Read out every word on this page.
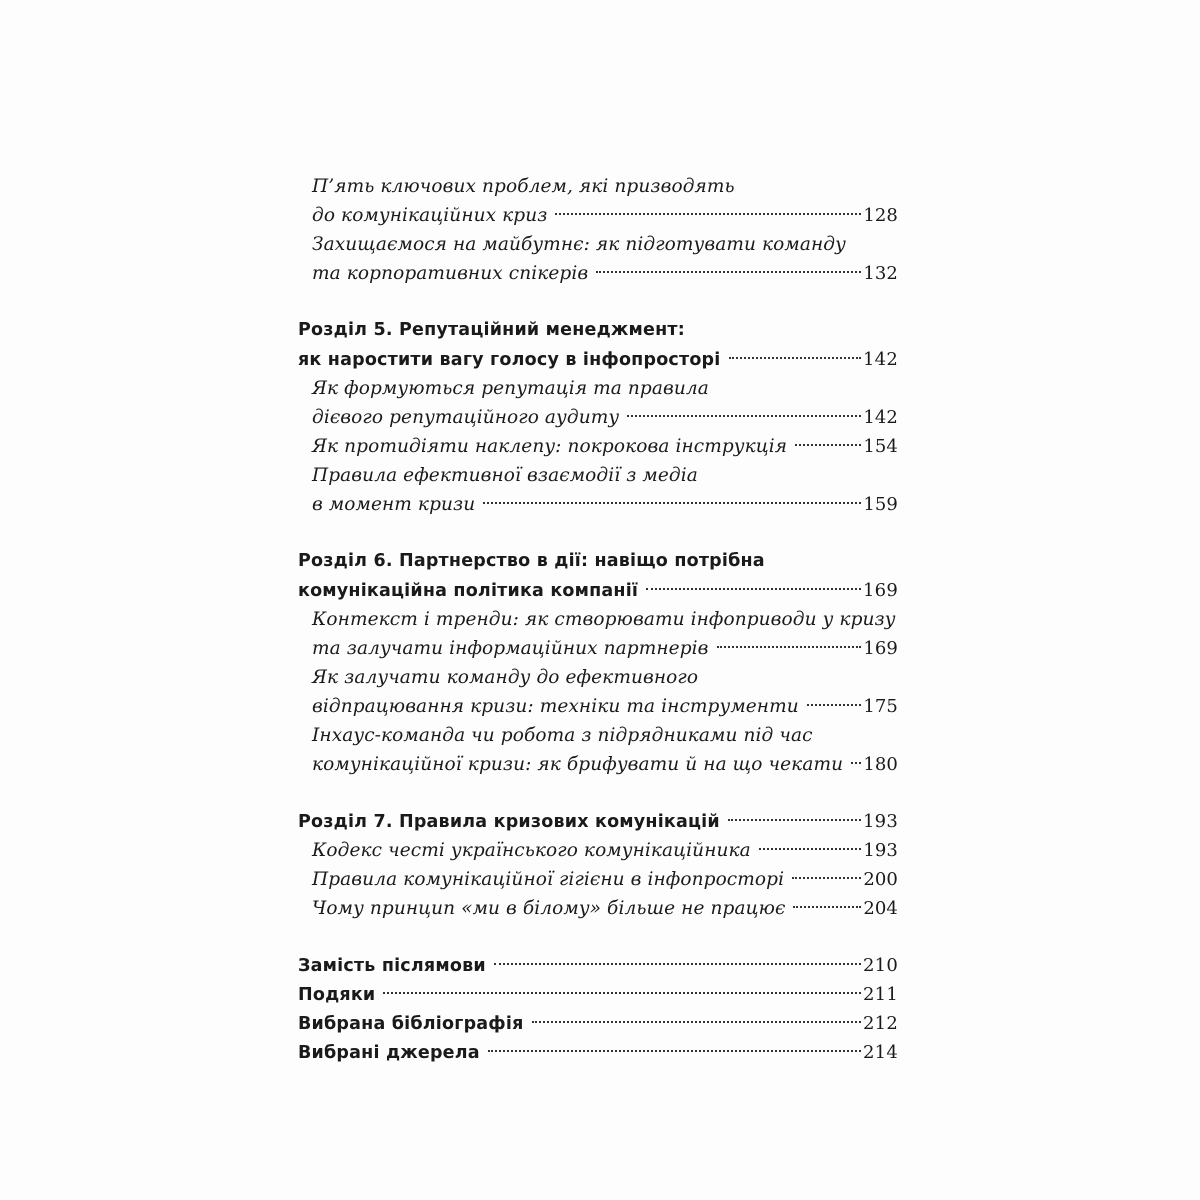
П’ять ключових проблем, які призводять
до комунікаційних криз	128
Захищаємося на майбутнє: як підготувати команду
та корпоративних спікерів	132
Розділ 5. Репутаційний менеджмент:
як наростити вагу голосу в інфопросторі	142
Як формуються репутація та правила
дієвого репутаційного аудиту	142
Як протидіяти наклепу: покрокова інструкція	154
Правила ефективної взаємодії з медіа
в момент кризи	159
Розділ 6. Партнерство в дії: навіщо потрібна
комунікаційна політика компанії	169
Контекст і тренди: як створювати інфоприводи у кризу
та залучати інформаційних партнерів	169
Як залучати команду до ефективного
відпрацювання кризи: техніки та інструменти	175
Інхаус-команда чи робота з підрядниками під час
комунікаційної кризи: як брифувати й на що чекати 180
Розділ 7. Правила кризових комунікацій	193
Кодекс честі українського комунікаційника	193
Правила комунікаційної гігієни в інфопросторі	200
Чому принцип «ми в білому» більше не працює	204
Замість післямови	210
Подяки	211
Вибрана бібліографія	212
Вибрані джерела	214
